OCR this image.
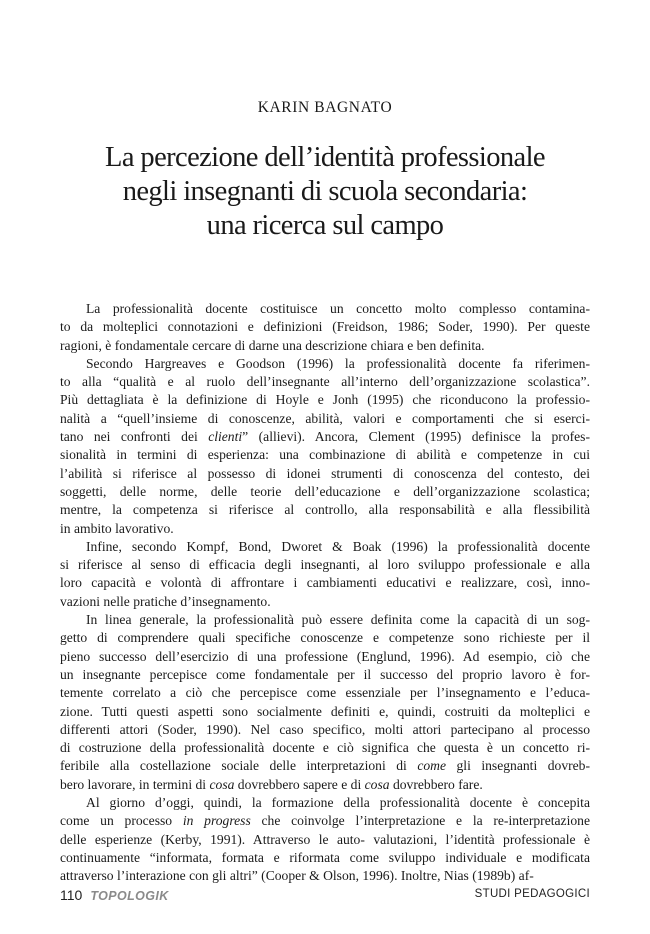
KARIN BAGNATO
La percezione dell’identità professionale
negli insegnanti di scuola secondaria:
una ricerca sul campo
La professionalità docente costituisce un concetto molto complesso contamina-
to da molteplici connotazioni e definizioni (Freidson, 1986; Soder, 1990). Per queste
ragioni, è fondamentale cercare di darne una descrizione chiara e ben definita.
Secondo Hargreaves e Goodson (1996) la professionalità docente fa riferimen-
to alla “qualità e al ruolo dell’insegnante all’interno dell’organizzazione scolastica”.
Più dettagliata è la definizione di Hoyle e Jonh (1995) che riconducono la professio-
nalità a “quell’insieme di conoscenze, abilità, valori e comportamenti che si eserci-
tano nei confronti dei clienti” (allievi). Ancora, Clement (1995) definisce la profes-
sionalità in termini di esperienza: una combinazione di abilità e competenze in cui
l’abilità si riferisce al possesso di idonei strumenti di conoscenza del contesto, dei
soggetti, delle norme, delle teorie dell’educazione e dell’organizzazione scolastica;
mentre, la competenza si riferisce al controllo, alla responsabilità e alla flessibilità
in ambito lavorativo.
Infine, secondo Kompf, Bond, Dworet & Boak (1996) la professionalità docente
si riferisce al senso di efficacia degli insegnanti, al loro sviluppo professionale e alla
loro capacità e volontà di affrontare i cambiamenti educativi e realizzare, così, inno-
vazioni nelle pratiche d’insegnamento.
In linea generale, la professionalità può essere definita come la capacità di un sog-
getto di comprendere quali specifiche conoscenze e competenze sono richieste per il
pieno successo dell’esercizio di una professione (Englund, 1996). Ad esempio, ciò che
un insegnante percepisce come fondamentale per il successo del proprio lavoro è for-
temente correlato a ciò che percepisce come essenziale per l’insegnamento e l’educa-
zione. Tutti questi aspetti sono socialmente definiti e, quindi, costruiti da molteplici e
differenti attori (Soder, 1990). Nel caso specifico, molti attori partecipano al processo
di costruzione della professionalità docente e ciò significa che questa è un concetto ri-
feribile alla costellazione sociale delle interpretazioni di come gli insegnanti dovreb-
bero lavorare, in termini di cosa dovrebbero sapere e di cosa dovrebbero fare.
Al giorno d’oggi, quindi, la formazione della professionalità docente è concepita
come un processo in progress che coinvolge l’interpretazione e la re-interpretazione
delle esperienze (Kerby, 1991). Attraverso le auto- valutazioni, l’identità professionale è
continuamente “informata, formata e riformata come sviluppo individuale e modificata
attraverso l’interazione con gli altri” (Cooper & Olson, 1996). Inoltre, Nias (1989b) af-
110 TOPOLOGIK	STUDI PEDAGOGICI
